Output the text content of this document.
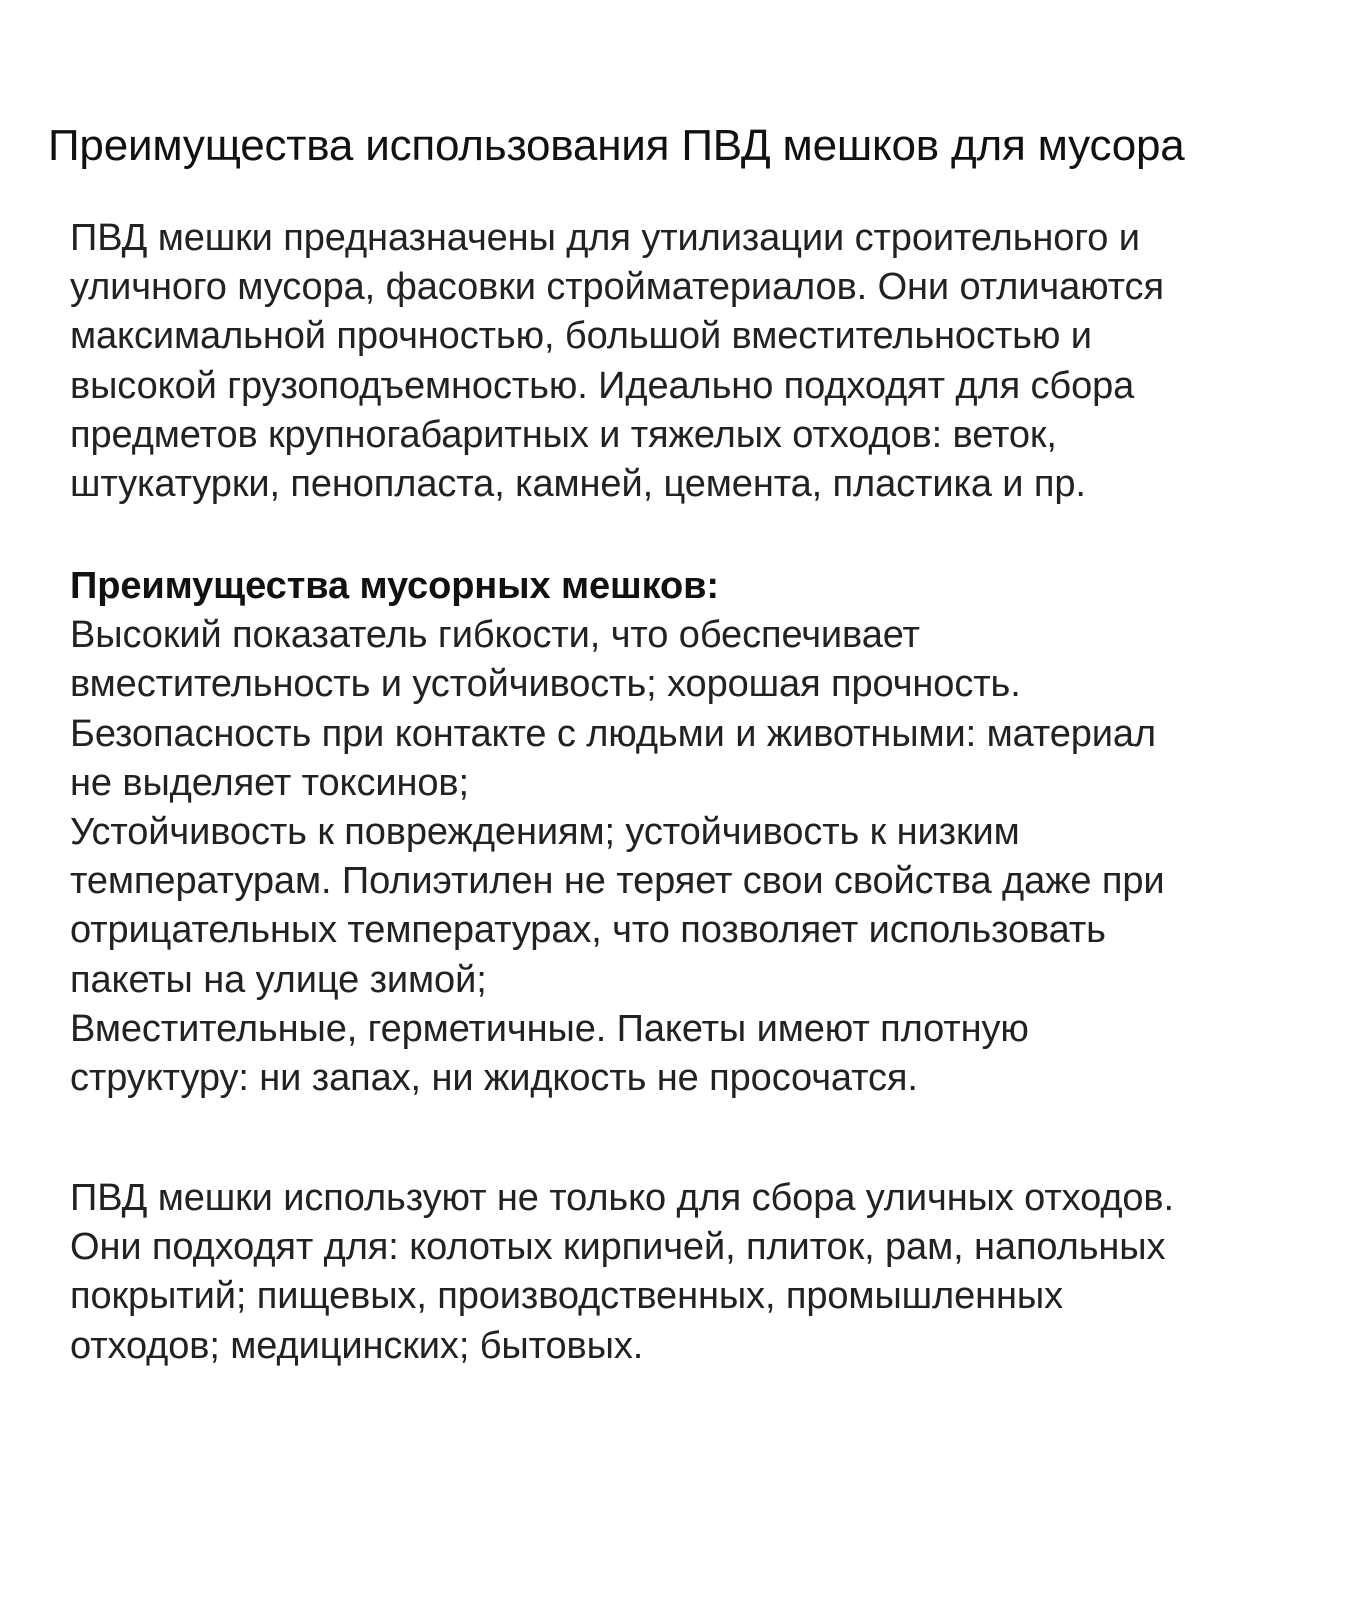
Преимущества использования ПВД мешков для мусора
ПВД мешки предназначены для утилизации строительного и
уличного мусора, фасовки стройматериалов. Они отличаются
максимальной прочностью, большой вместительностью и
высокой грузоподъемностью. Идеально подходят для сбора
предметов крупногабаритных и тяжелых отходов: веток,
штукатурки, пенопласта, камней, цемента, пластика и пр.
Преимущества мусорных мешков:
Высокий показатель гибкости, что обеспечивает
вместительность и устойчивость; хорошая прочность.
Безопасность при контакте с людьми и животными: материал
не выделяет токсинов;
Устойчивость к повреждениям; устойчивость к низким
температурам. Полиэтилен не теряет свои свойства даже при
отрицательных температурах, что позволяет использовать
пакеты на улице зимой;
Вместительные, герметичные. Пакеты имеют плотную
структуру: ни запах, ни жидкость не просочатся.
ПВД мешки используют не только для сбора уличных отходов.
Они подходят для: колотых кирпичей, плиток, рам, напольных
покрытий; пищевых, производственных, промышленных
отходов; медицинских; бытовых.
